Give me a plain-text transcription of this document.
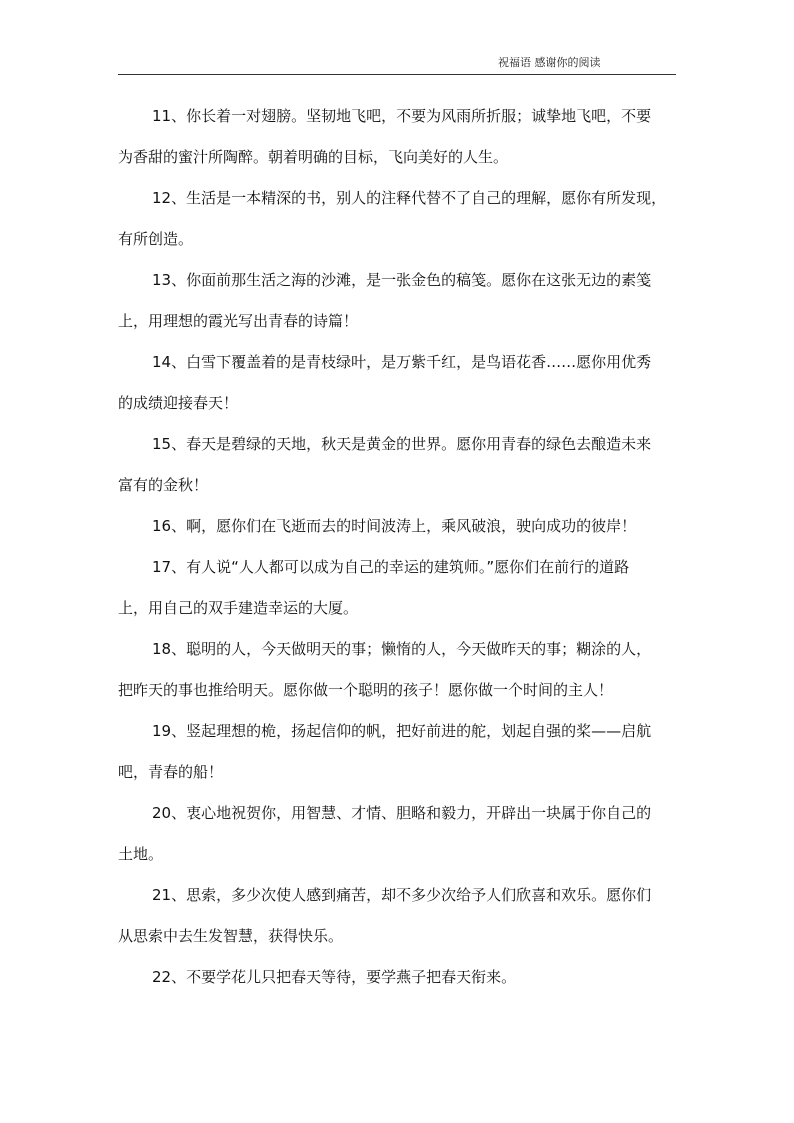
祝福语 感谢你的阅读
11、你长着一对翅膀。坚韧地飞吧，不要为风雨所折服；诚挚地飞吧，不要
为香甜的蜜汁所陶醉。朝着明确的目标，飞向美好的人生。
12、生活是一本精深的书，别人的注释代替不了自己的理解，愿你有所发现，
有所创造。
13、你面前那生活之海的沙滩，是一张金色的稿笺。愿你在这张无边的素笺
上，用理想的霞光写出青春的诗篇！
14、白雪下覆盖着的是青枝绿叶，是万紫千红，是鸟语花香……愿你用优秀
的成绩迎接春天！
15、春天是碧绿的天地，秋天是黄金的世界。愿你用青春的绿色去酿造未来
富有的金秋！
16、啊，愿你们在飞逝而去的时间波涛上，乘风破浪，驶向成功的彼岸！
17、有人说“人人都可以成为自己的幸运的建筑师。”愿你们在前行的道路
上，用自己的双手建造幸运的大厦。
18、聪明的人，今天做明天的事；懒惰的人，今天做昨天的事；糊涂的人，
把昨天的事也推给明天。愿你做一个聪明的孩子！愿你做一个时间的主人！
19、竖起理想的桅，扬起信仰的帆，把好前进的舵，划起自强的桨——启航
吧，青春的船！
20、衷心地祝贺你，用智慧、才情、胆略和毅力，开辟出一块属于你自己的
土地。
21、思索，多少次使人感到痛苦，却不多少次给予人们欣喜和欢乐。愿你们
从思索中去生发智慧，获得快乐。
22、不要学花儿只把春天等待，要学燕子把春天衔来。
